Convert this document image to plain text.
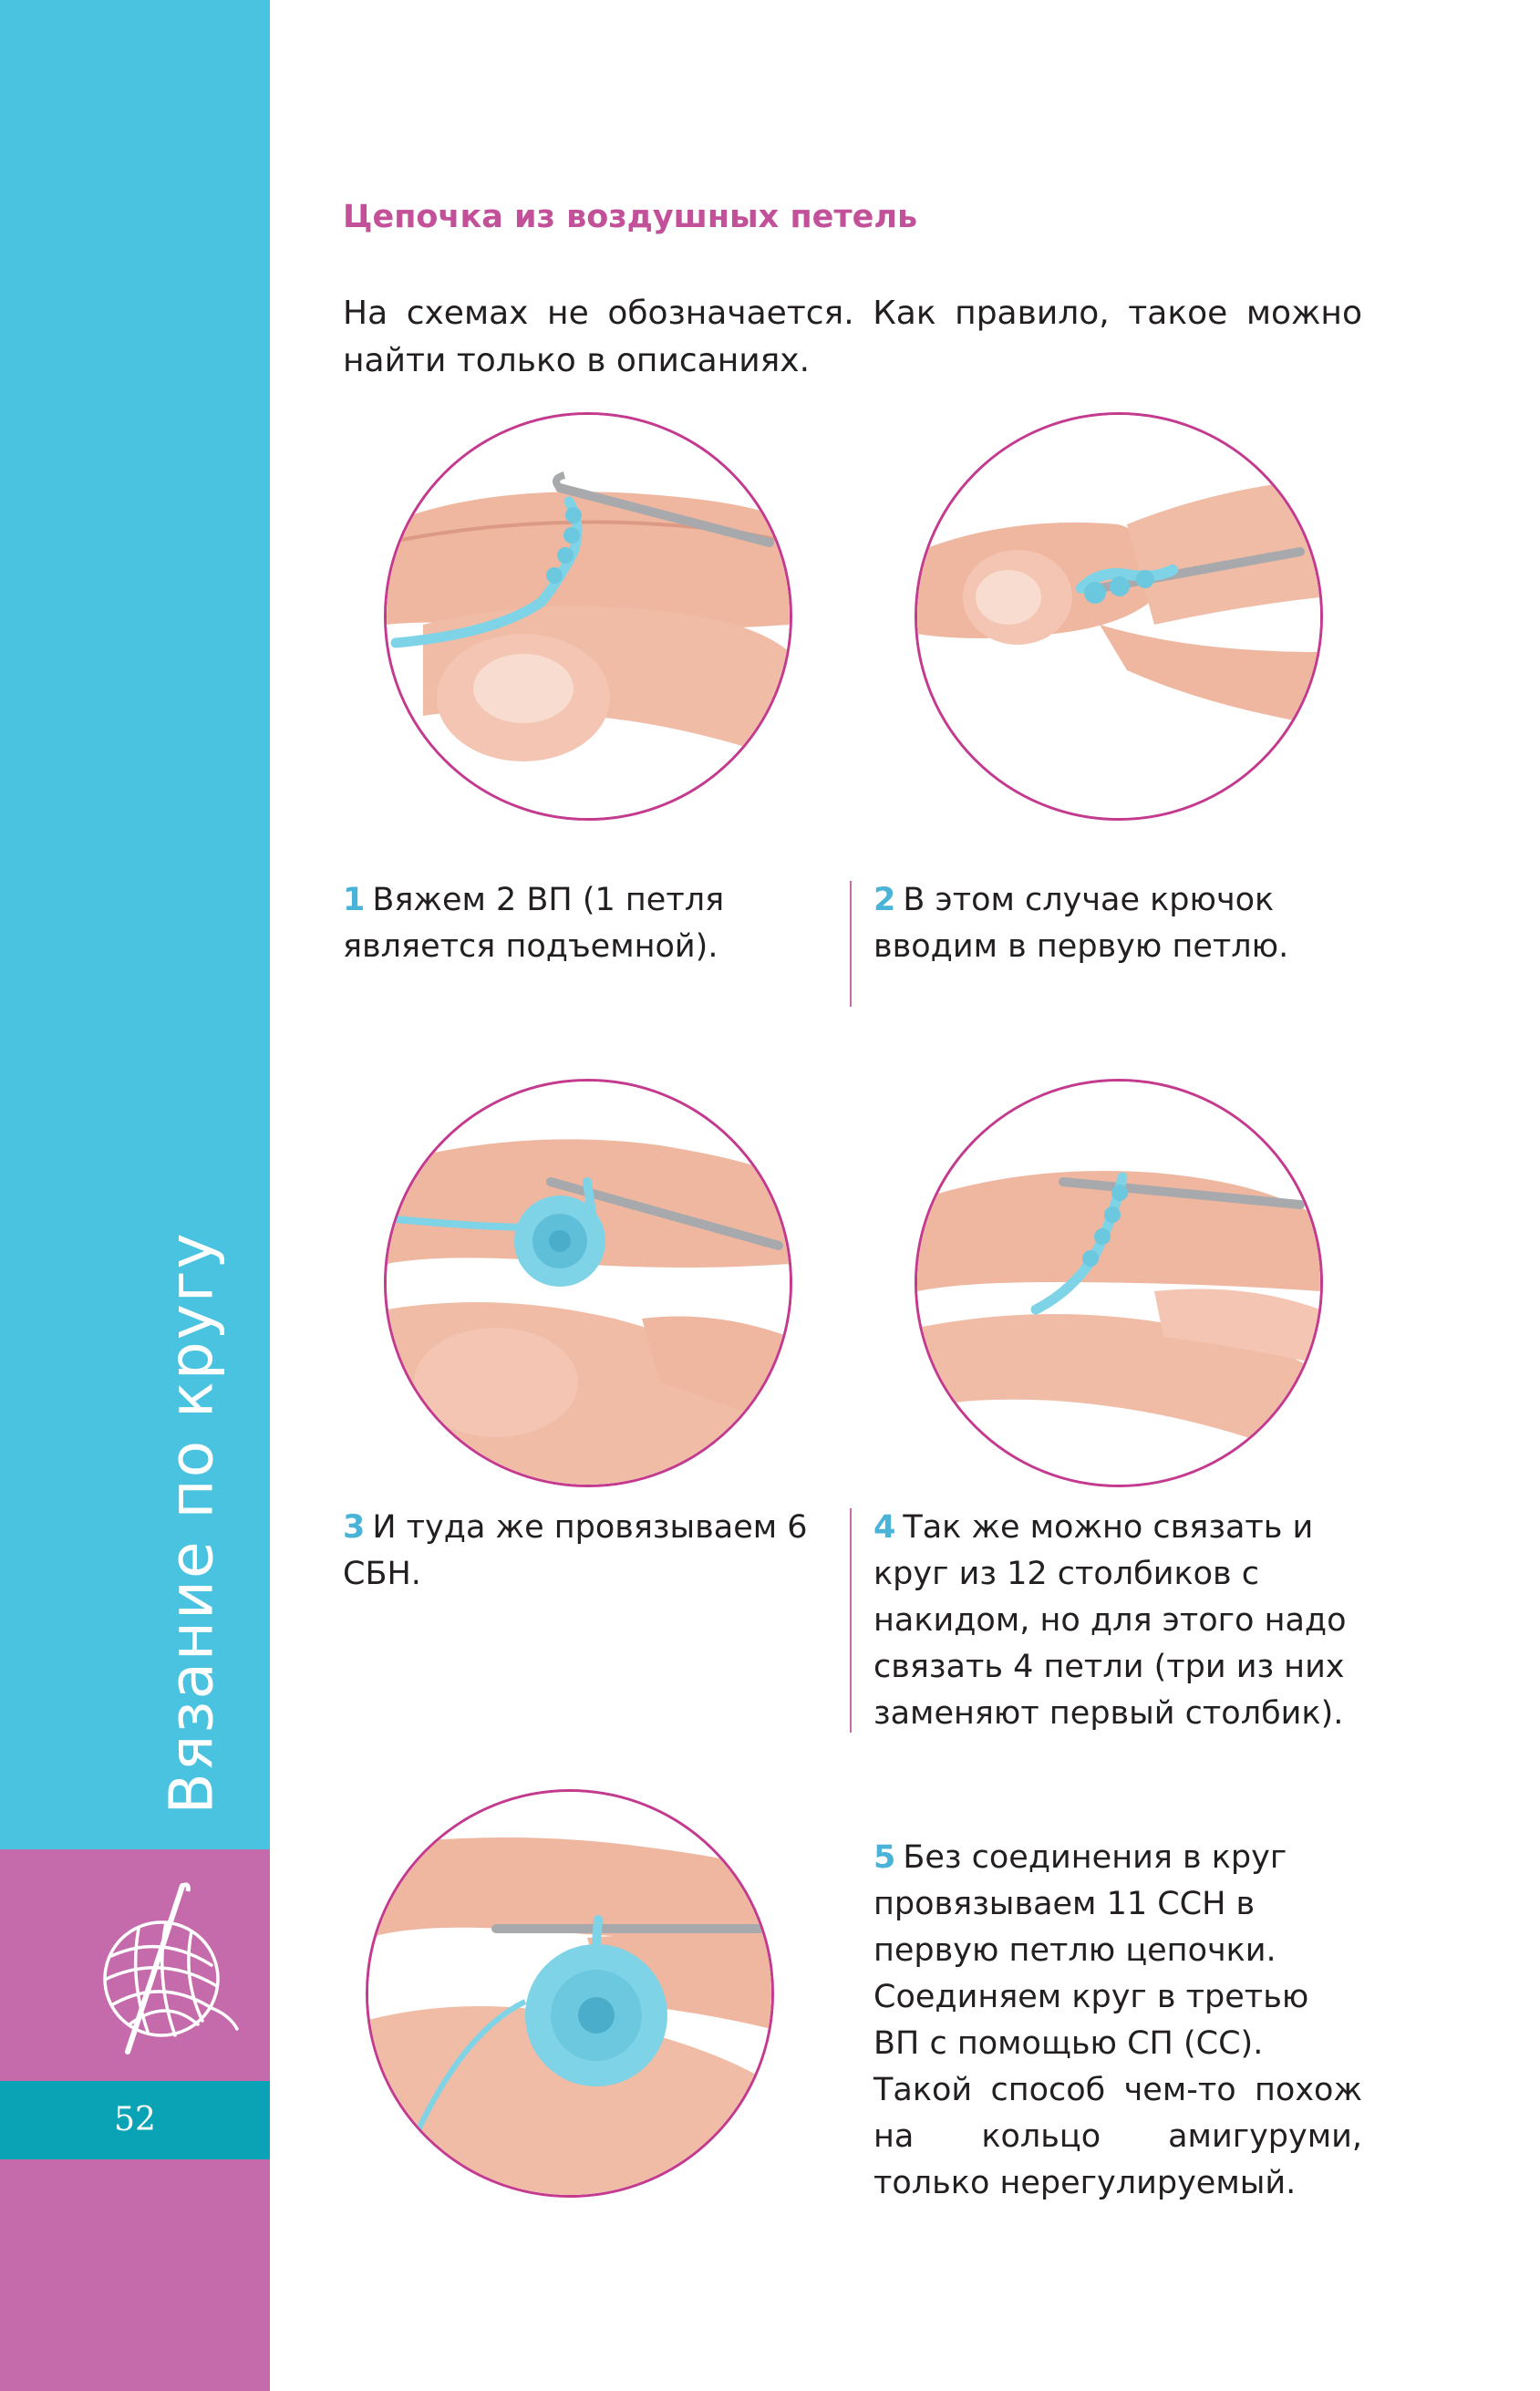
Вязание по кругу
52
Цепочка из воздушных петель
На схемах не обозначается. Как правило, такое можно найти только в описаниях.
1 Вяжем 2 ВП (1 петля является подъемной).
2 В этом случае крючок вводим в первую петлю.
3 И туда же провязываем 6 СБН.
4 Так же можно связать и круг из 12 столбиков с накидом, но для этого надо связать 4 петли (три из них заменяют первый столбик).
5 Без соединения в круг провязываем 11 ССН в первую петлю цепочки. Соединяем круг в третью ВП с помощью СП (СС).
Такой способ чем-то похож на кольцо амигуруми, только нерегулируемый.
